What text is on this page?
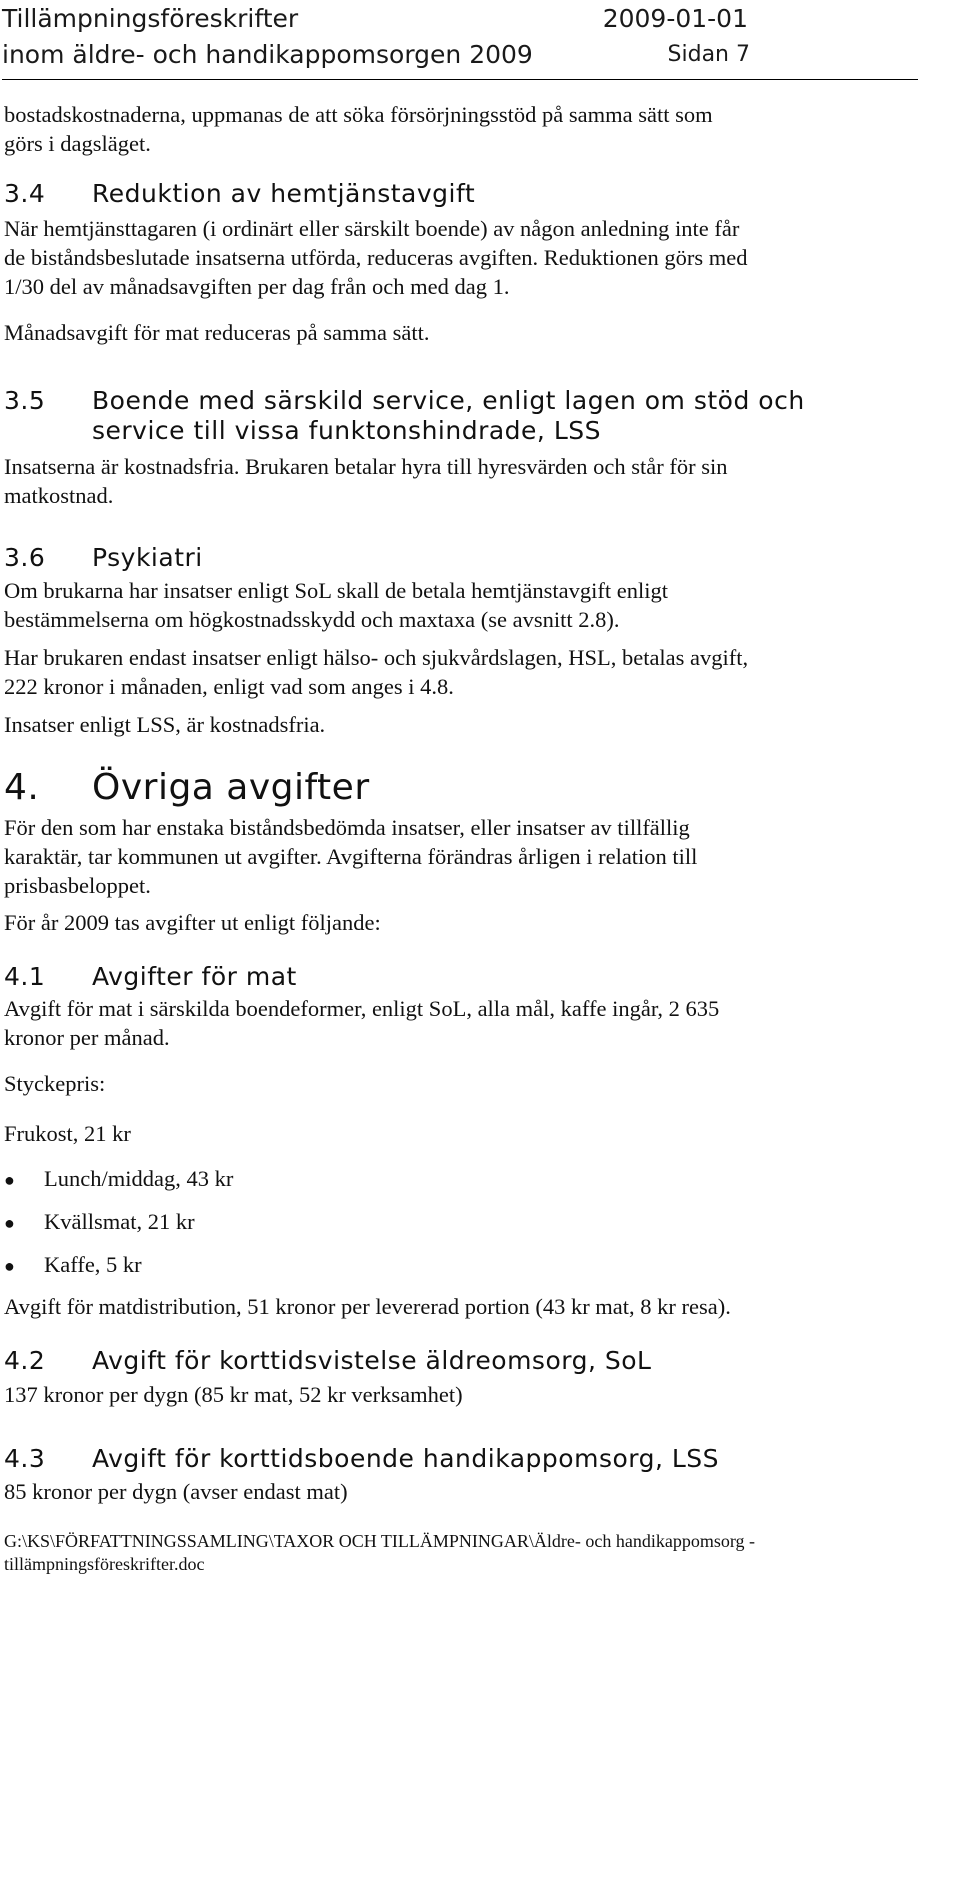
Tillämpningsföreskrifter	2009-01-01
inom äldre- och handikappomsorgen 2009	Sidan 7
bostadskostnaderna, uppmanas de att söka försörjningsstöd på samma sätt som
görs i dagsläget.
3.4 Reduktion av hemtjänstavgift
När hemtjänsttagaren (i ordinärt eller särskilt boende) av någon anledning inte får
de biståndsbeslutade insatserna utförda, reduceras avgiften. Reduktionen görs med
1/30 del av månadsavgiften per dag från och med dag 1.
Månadsavgift för mat reduceras på samma sätt.
3.5 Boende med särskild service, enligt lagen om stöd och
service till vissa funktonshindrade, LSS
Insatserna är kostnadsfria. Brukaren betalar hyra till hyresvärden och står för sin
matkostnad.
3.6 Psykiatri
Om brukarna har insatser enligt SoL skall de betala hemtjänstavgift enligt
bestämmelserna om högkostnadsskydd och maxtaxa (se avsnitt 2.8).
Har brukaren endast insatser enligt hälso- och sjukvårdslagen, HSL, betalas avgift,
222 kronor i månaden, enligt vad som anges i 4.8.
Insatser enligt LSS, är kostnadsfria.
4. Övriga avgifter
För den som har enstaka biståndsbedömda insatser, eller insatser av tillfällig
karaktär, tar kommunen ut avgifter. Avgifterna förändras årligen i relation till
prisbasbeloppet.
För år 2009 tas avgifter ut enligt följande:
4.1 Avgifter för mat
Avgift för mat i särskilda boendeformer, enligt SoL, alla mål, kaffe ingår, 2 635
kronor per månad.
Styckepris:
Frukost, 21 kr
● Lunch/middag, 43 kr
● Kvällsmat, 21 kr
● Kaffe, 5 kr
Avgift för matdistribution, 51 kronor per levererad portion (43 kr mat, 8 kr resa).
4.2 Avgift för korttidsvistelse äldreomsorg, SoL
137 kronor per dygn (85 kr mat, 52 kr verksamhet)
4.3 Avgift för korttidsboende handikappomsorg, LSS
85 kronor per dygn (avser endast mat)
G:\KS\FÖRFATTNINGSSAMLING\TAXOR OCH TILLÄMPNINGAR\Äldre- och handikappomsorg -
tillämpningsföreskrifter.doc
